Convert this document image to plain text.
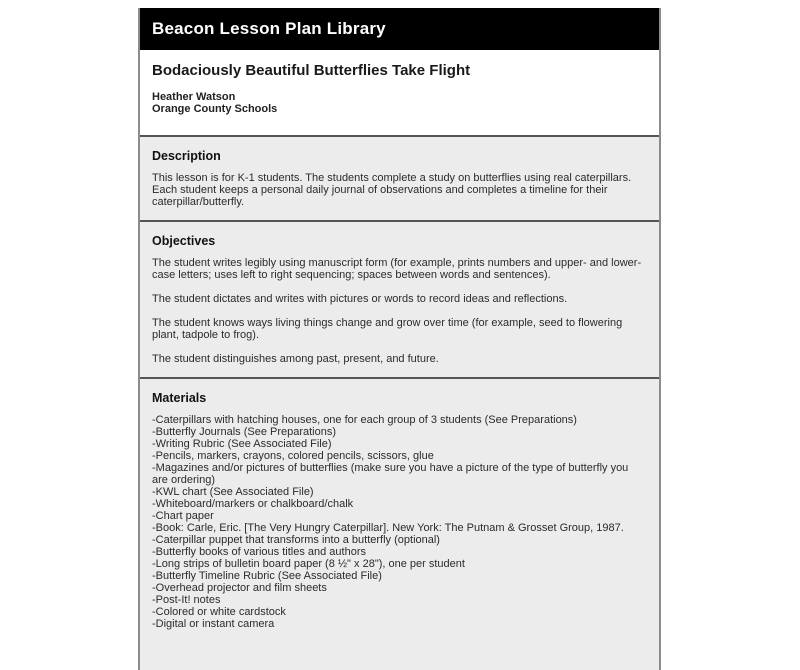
Beacon Lesson Plan Library
Bodaciously Beautiful Butterflies Take Flight
Heather Watson
Orange County Schools
Description

This lesson is for K-1 students. The students complete a study on butterflies using real caterpillars. Each student keeps a personal daily journal of observations and completes a timeline for their caterpillar/butterfly.

Objectives

The student writes legibly using manuscript form (for example, prints numbers and upper- and lower- case letters; uses left to right sequencing; spaces between words and sentences).

The student dictates and writes with pictures or words to record ideas and reflections.

The student knows ways living things change and grow over time (for example, seed to flowering plant, tadpole to frog).

The student distinguishes among past, present, and future.

Materials
-Caterpillars with hatching houses, one for each group of 3 students (See Preparations)
-Butterfly Journals (See Preparations)
-Writing Rubric (See Associated File)
-Pencils, markers, crayons, colored pencils, scissors, glue
-Magazines and/or pictures of butterflies (make sure you have a picture of the type of butterfly you are ordering)
-KWL chart (See Associated File)
-Whiteboard/markers or chalkboard/chalk
-Chart paper
-Book: Carle, Eric. [The Very Hungry Caterpillar]. New York: The Putnam & Grosset Group, 1987.
-Caterpillar puppet that transforms into a butterfly (optional)
-Butterfly books of various titles and authors
-Long strips of bulletin board paper (8 ½" x 28"), one per student
-Butterfly Timeline Rubric (See Associated File)
-Overhead projector and film sheets
-Post-It! notes
-Colored or white cardstock
-Digital or instant camera
